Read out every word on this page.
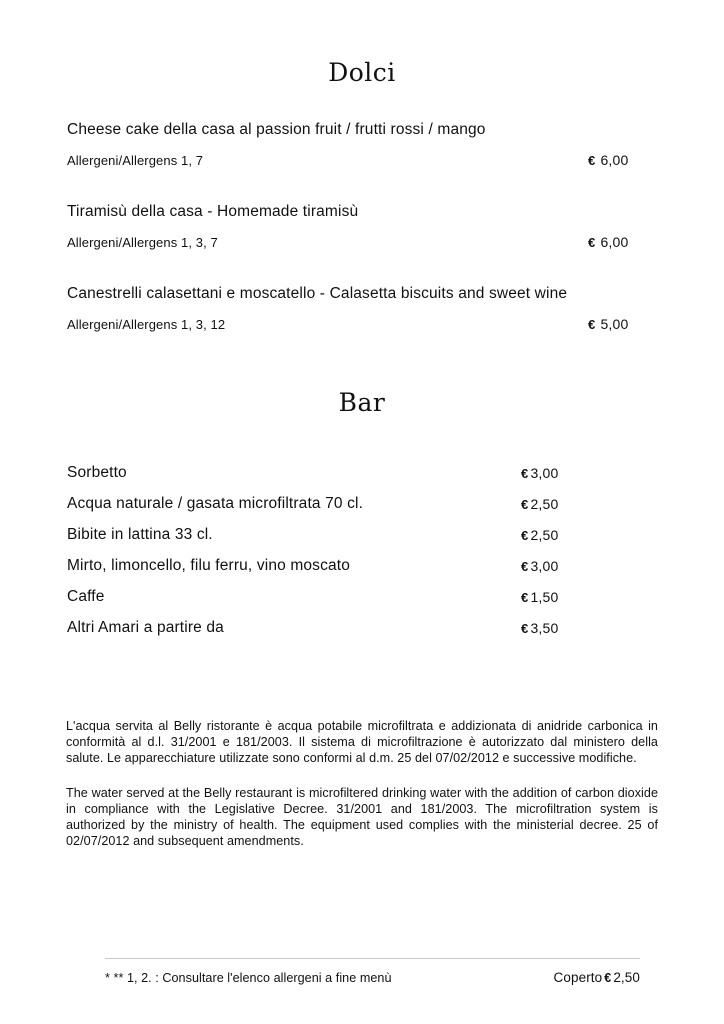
Dolci
Cheese cake della casa al passion fruit / frutti rossi / mango
Allergeni/Allergens 1, 7	€ 6,00
Tiramisù della casa - Homemade tiramisù
Allergeni/Allergens 1, 3, 7	€ 6,00
Canestrelli calasettani e moscatello - Calasetta biscuits and sweet wine
Allergeni/Allergens 1, 3, 12	€ 5,00
Bar
Sorbetto	€ 3,00
Acqua naturale / gasata microfiltrata 70 cl.	€ 2,50
Bibite in lattina 33 cl.	€ 2,50
Mirto, limoncello, filu ferru, vino moscato	€ 3,00
Caffe	€ 1,50
Altri Amari a partire da	€ 3,50

L'acqua servita al Belly ristorante è acqua potabile microfiltrata e addizionata di anidride carbonica in conformità al d.l. 31/2001 e 181/2003. Il sistema di microfiltrazione è autorizzato dal ministero della salute. Le apparecchiature utilizzate sono conformi al d.m. 25 del 07/02/2012 e successive modifiche.

The water served at the Belly restaurant is microfiltered drinking water with the addition of carbon dioxide in compliance with the Legislative Decree. 31/2001 and 181/2003. The microfiltration system is authorized by the ministry of health. The equipment used complies with the ministerial decree. 25 of 02/07/2012 and subsequent amendments.

* ** 1, 2. : Consultare l'elenco allergeni a fine menù	Coperto € 2,50
